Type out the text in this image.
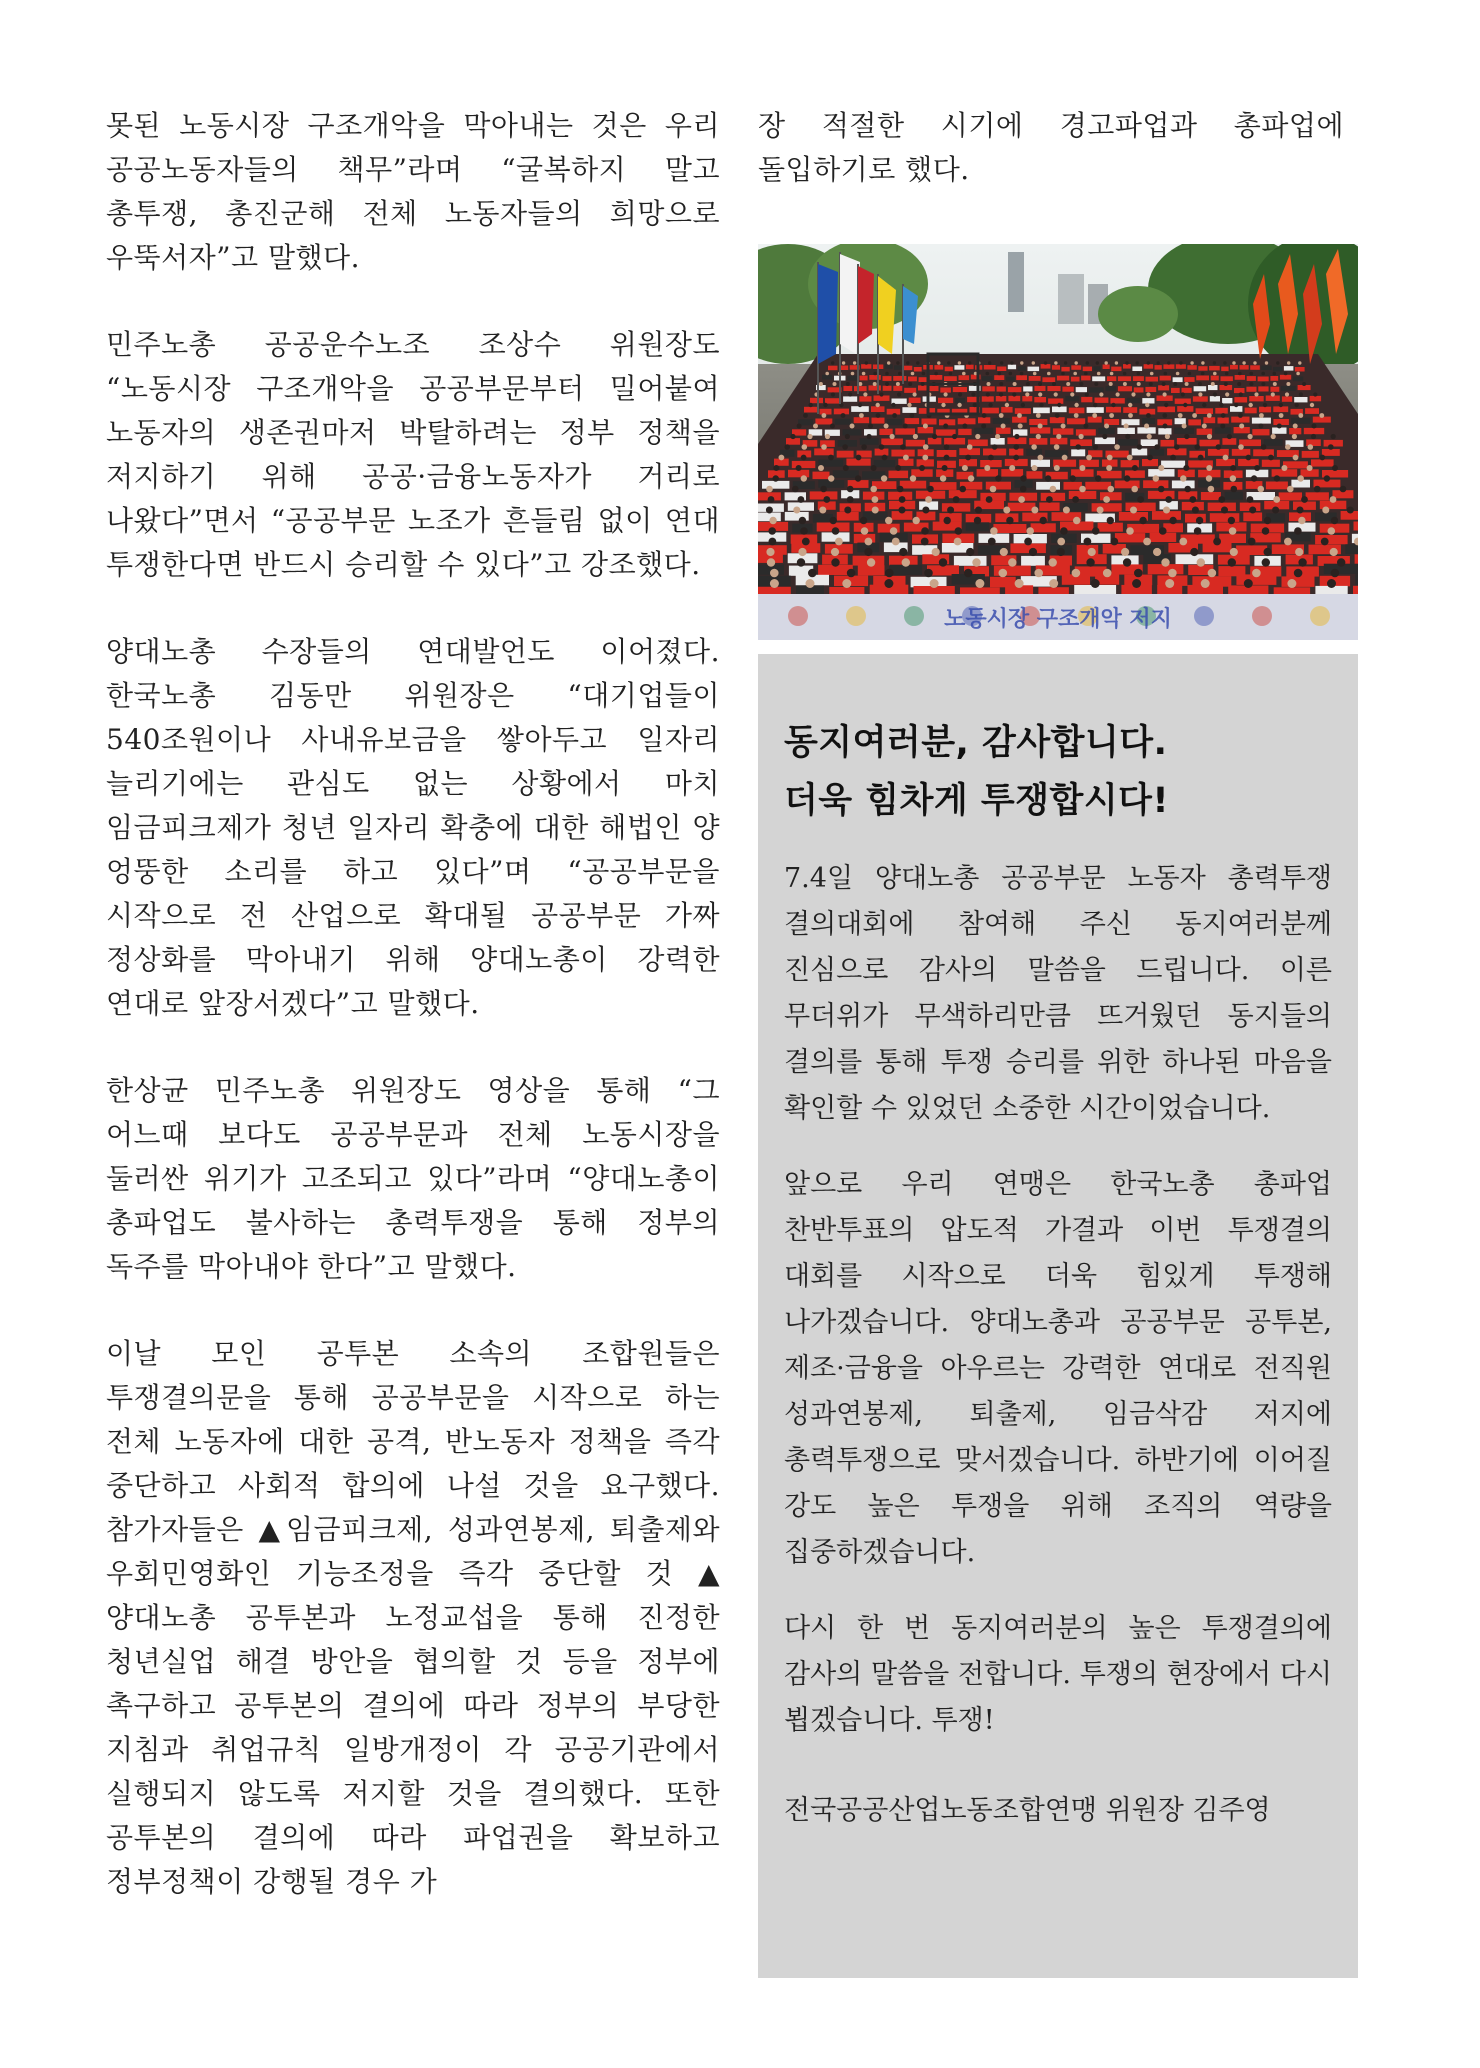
못된 노동시장 구조개악을 막아내는 것은 우리 공공노동자들의 책무”라며 “굴복하지 말고 총투쟁, 총진군해 전체 노동자들의 희망으로 우뚝서자”고 말했다.

민주노총 공공운수노조 조상수 위원장도 “노동시장 구조개악을 공공부문부터 밀어붙여 노동자의 생존권마저 박탈하려는 정부 정책을 저지하기 위해 공공·금융노동자가 거리로 나왔다”면서 “공공부문 노조가 흔들림 없이 연대 투쟁한다면 반드시 승리할 수 있다”고 강조했다.

양대노총 수장들의 연대발언도 이어졌다. 한국노총 김동만 위원장은 “대기업들이 540조원이나 사내유보금을 쌓아두고 일자리 늘리기에는 관심도 없는 상황에서 마치 임금피크제가 청년 일자리 확충에 대한 해법인 양 엉뚱한 소리를 하고 있다”며 “공공부문을 시작으로 전 산업으로 확대될 공공부문 가짜 정상화를 막아내기 위해 양대노총이 강력한 연대로 앞장서겠다”고 말했다.

한상균 민주노총 위원장도 영상을 통해 “그 어느때 보다도 공공부문과 전체 노동시장을 둘러싼 위기가 고조되고 있다”라며 “양대노총이 총파업도 불사하는 총력투쟁을 통해 정부의 독주를 막아내야 한다”고 말했다.

이날 모인 공투본 소속의 조합원들은 투쟁결의문을 통해 공공부문을 시작으로 하는 전체 노동자에 대한 공격, 반노동자 정책을 즉각 중단하고 사회적 합의에 나설 것을 요구했다. 참가자들은 ▲임금피크제, 성과연봉제, 퇴출제와 우회민영화인 기능조정을 즉각 중단할 것 ▲양대노총 공투본과 노정교섭을 통해 진정한 청년실업 해결 방안을 협의할 것 등을 정부에 촉구하고 공투본의 결의에 따라 정부의 부당한 지침과 취업규칙 일방개정이 각 공공기관에서 실행되지 않도록 저지할 것을 결의했다. 또한 공투본의 결의에 따라 파업권을 확보하고 정부정책이 강행될 경우 가

장 적절한 시기에 경고파업과 총파업에 돌입하기로 했다.

노동시장 구조개악 저지
동지여러분, 감사합니다.
더욱 힘차게 투쟁합시다!

7.4일 양대노총 공공부문 노동자 총력투쟁 결의대회에 참여해 주신 동지여러분께 진심으로 감사의 말씀을 드립니다. 이른 무더위가 무색하리만큼 뜨거웠던 동지들의 결의를 통해 투쟁 승리를 위한 하나된 마음을 확인할 수 있었던 소중한 시간이었습니다.

앞으로 우리 연맹은 한국노총 총파업 찬반투표의 압도적 가결과 이번 투쟁결의 대회를 시작으로 더욱 힘있게 투쟁해 나가겠습니다. 양대노총과 공공부문 공투본, 제조·금융을 아우르는 강력한 연대로 전직원 성과연봉제, 퇴출제, 임금삭감 저지에 총력투쟁으로 맞서겠습니다. 하반기에 이어질 강도 높은 투쟁을 위해 조직의 역량을 집중하겠습니다.

다시 한 번 동지여러분의 높은 투쟁결의에 감사의 말씀을 전합니다. 투쟁의 현장에서 다시 뵙겠습니다. 투쟁!

전국공공산업노동조합연맹 위원장 김주영
